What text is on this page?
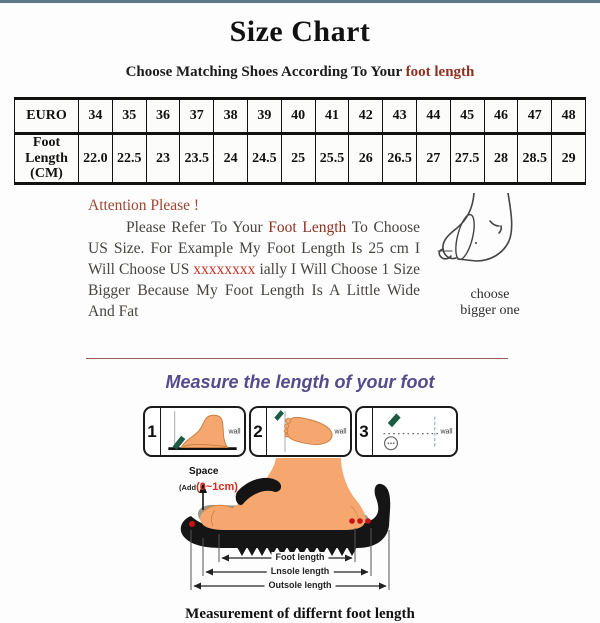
Size Chart
Choose Matching Shoes According To Your foot length
EURO	34	35	36	37	38	39	40	41	42	43	44	45	46	47	48
Foot Length (CM)	22.0	22.5	23	23.5	24	24.5	25	25.5	26	26.5	27	27.5	28	28.5	29
Attention Please !

Please Refer To Your Foot Length To Choose US Size. For Example My Foot Length Is 25 cm I Will Choose US xxxxxxxx ially I Will Choose 1 Size Bigger Because My Foot Length Is A Little Wide And Fat

choose bigger one
Measure the length of your foot
1	wall 2	wall 3	wall
Space
(Add(0~1cm)
Foot length
Lnsole length
Outsole length
Measurement of differnt foot length
